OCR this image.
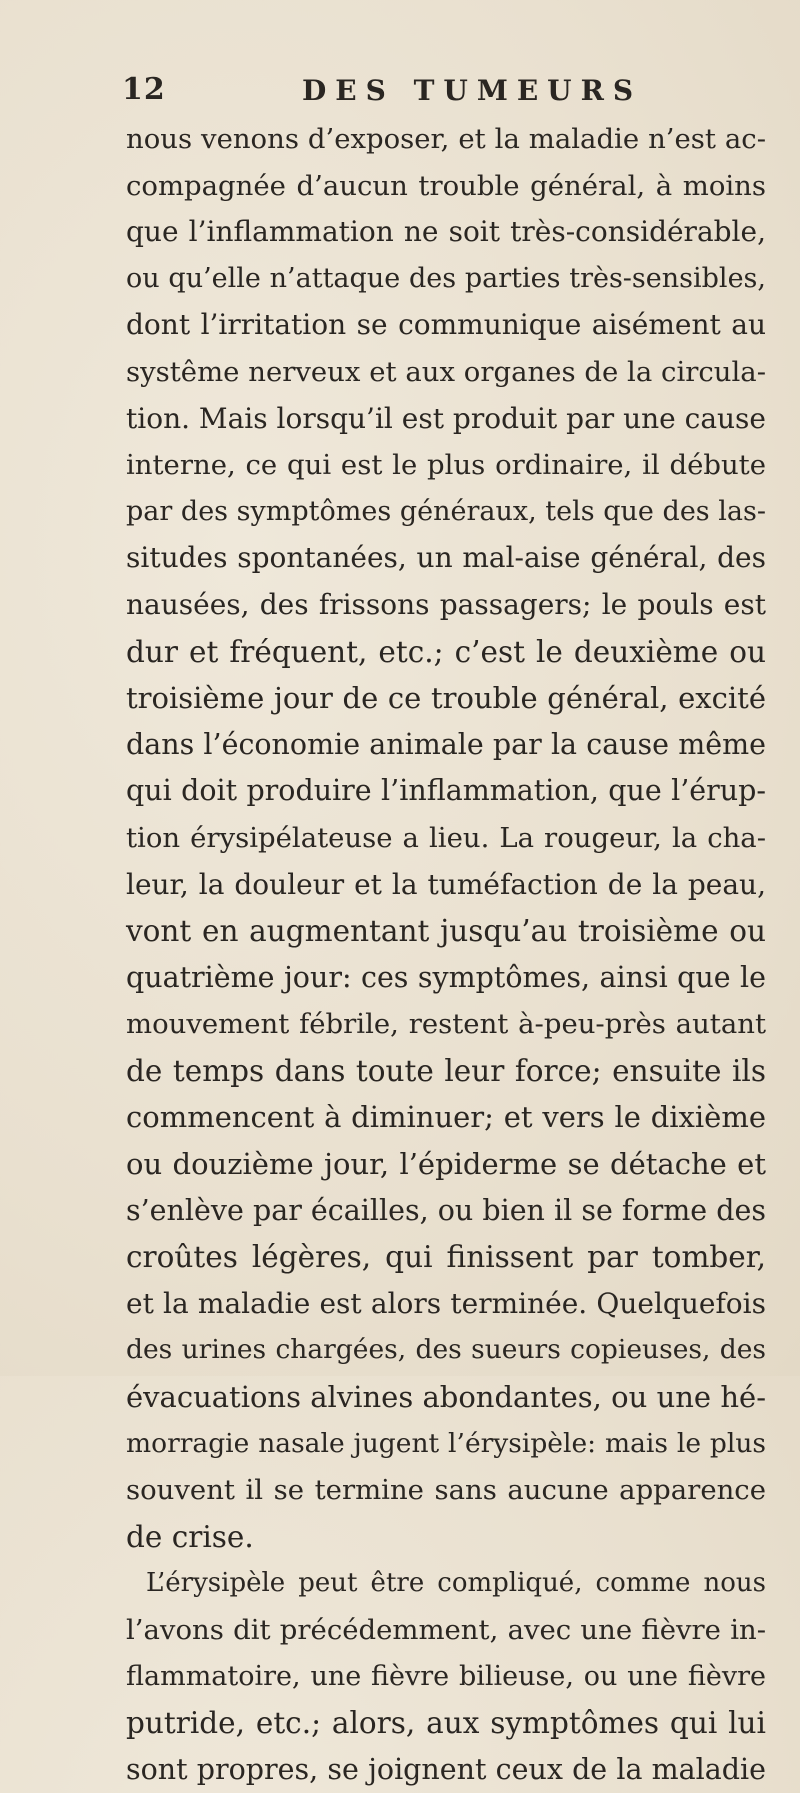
12	DES TUMEURS
nous venons d’exposer, et la maladie n’est ac-
compagnée d’aucun trouble général, à moins
que l’inflammation ne soit très-considérable,
ou qu’elle n’attaque des parties très-sensibles,
dont l’irritation se communique aisément au
systême nerveux et aux organes de la circula-
tion. Mais lorsqu’il est produit par une cause
interne, ce qui est le plus ordinaire, il débute
par des symptômes généraux, tels que des las-
situdes spontanées, un mal-aise général, des
nausées, des frissons passagers; le pouls est
dur et fréquent, etc.; c’est le deuxième ou
troisième jour de ce trouble général, excité
dans l’économie animale par la cause même
qui doit produire l’inflammation, que l’érup-
tion érysipélateuse a lieu. La rougeur, la cha-
leur, la douleur et la tuméfaction de la peau,
vont en augmentant jusqu’au troisième ou
quatrième jour: ces symptômes, ainsi que le
mouvement fébrile, restent à-peu-près autant
de temps dans toute leur force; ensuite ils
commencent à diminuer; et vers le dixième
ou douzième jour, l’épiderme se détache et
s’enlève par écailles, ou bien il se forme des
croûtes légères, qui finissent par tomber,
et la maladie est alors terminée. Quelquefois
des urines chargées, des sueurs copieuses, des
évacuations alvines abondantes, ou une hé-
morragie nasale jugent l’érysipèle: mais le plus
souvent il se termine sans aucune apparence
de crise.
L’érysipèle peut être compliqué, comme nous
l’avons dit précédemment, avec une fièvre in-
flammatoire, une fièvre bilieuse, ou une fièvre
putride, etc.; alors, aux symptômes qui lui
sont propres, se joignent ceux de la maladie
